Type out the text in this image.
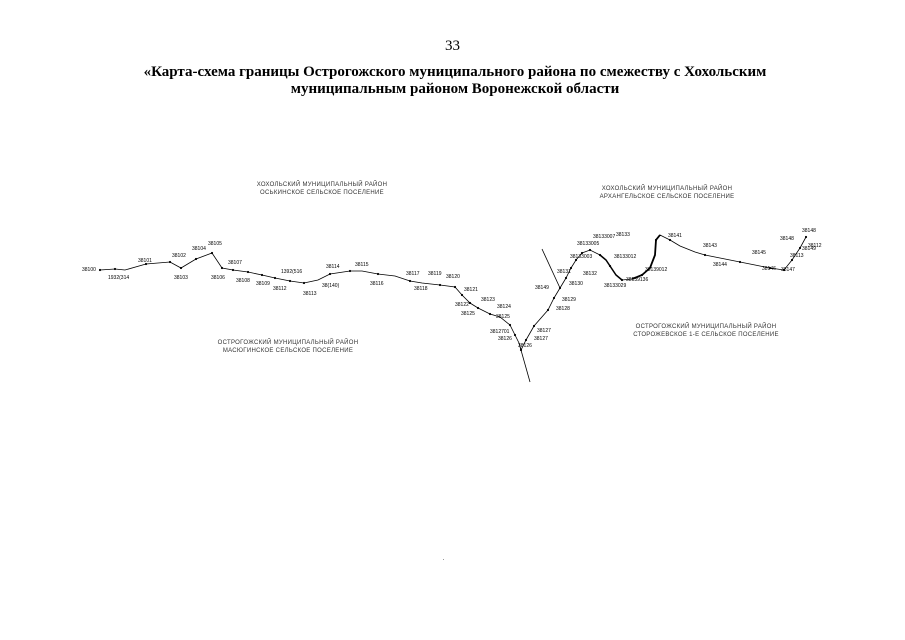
33
«Карта-схема границы Острогожского муниципального района по смежеству с Хохольским муниципальным районом Воронежской области
ХОХОЛЬСКИЙ МУНИЦИПАЛЬНЫЙ РАЙОН
ОСЬКИНСКОЕ СЕЛЬСКОЕ ПОСЕЛЕНИЕ
ХОХОЛЬСКИЙ МУНИЦИПАЛЬНЫЙ РАЙОН
АРХАНГЕЛЬСКОЕ СЕЛЬСКОЕ ПОСЕЛЕНИЕ
ОСТРОГОЖСКИЙ МУНИЦИПАЛЬНЫЙ РАЙОН
МАСЮГИНСКОЕ СЕЛЬСКОЕ ПОСЕЛЕНИЕ
ОСТРОГОЖСКИЙ МУНИЦИПАЛЬНЫЙ РАЙОН
СТОРОЖЕВСКОЕ 1-Е СЕЛЬСКОЕ ПОСЕЛЕНИЕ
38100
1932(314
38101
38102
38103
38104
38105
38106
38107
38108 38109
1392(516
38112
38113
38114
38(140)
38115
38116
38117
38118
38119 38120
38121
38122
38123
38124
38125
38126
38127
38128
38129
38130
38131 38132
38133003
38133005
38133007
38133012
38133029
38139136
38139012
38141
38143
38144
38145
38146 38147
38148
38149
38149
38148
38113
38125
3812701
38126	38127
38112
38133
